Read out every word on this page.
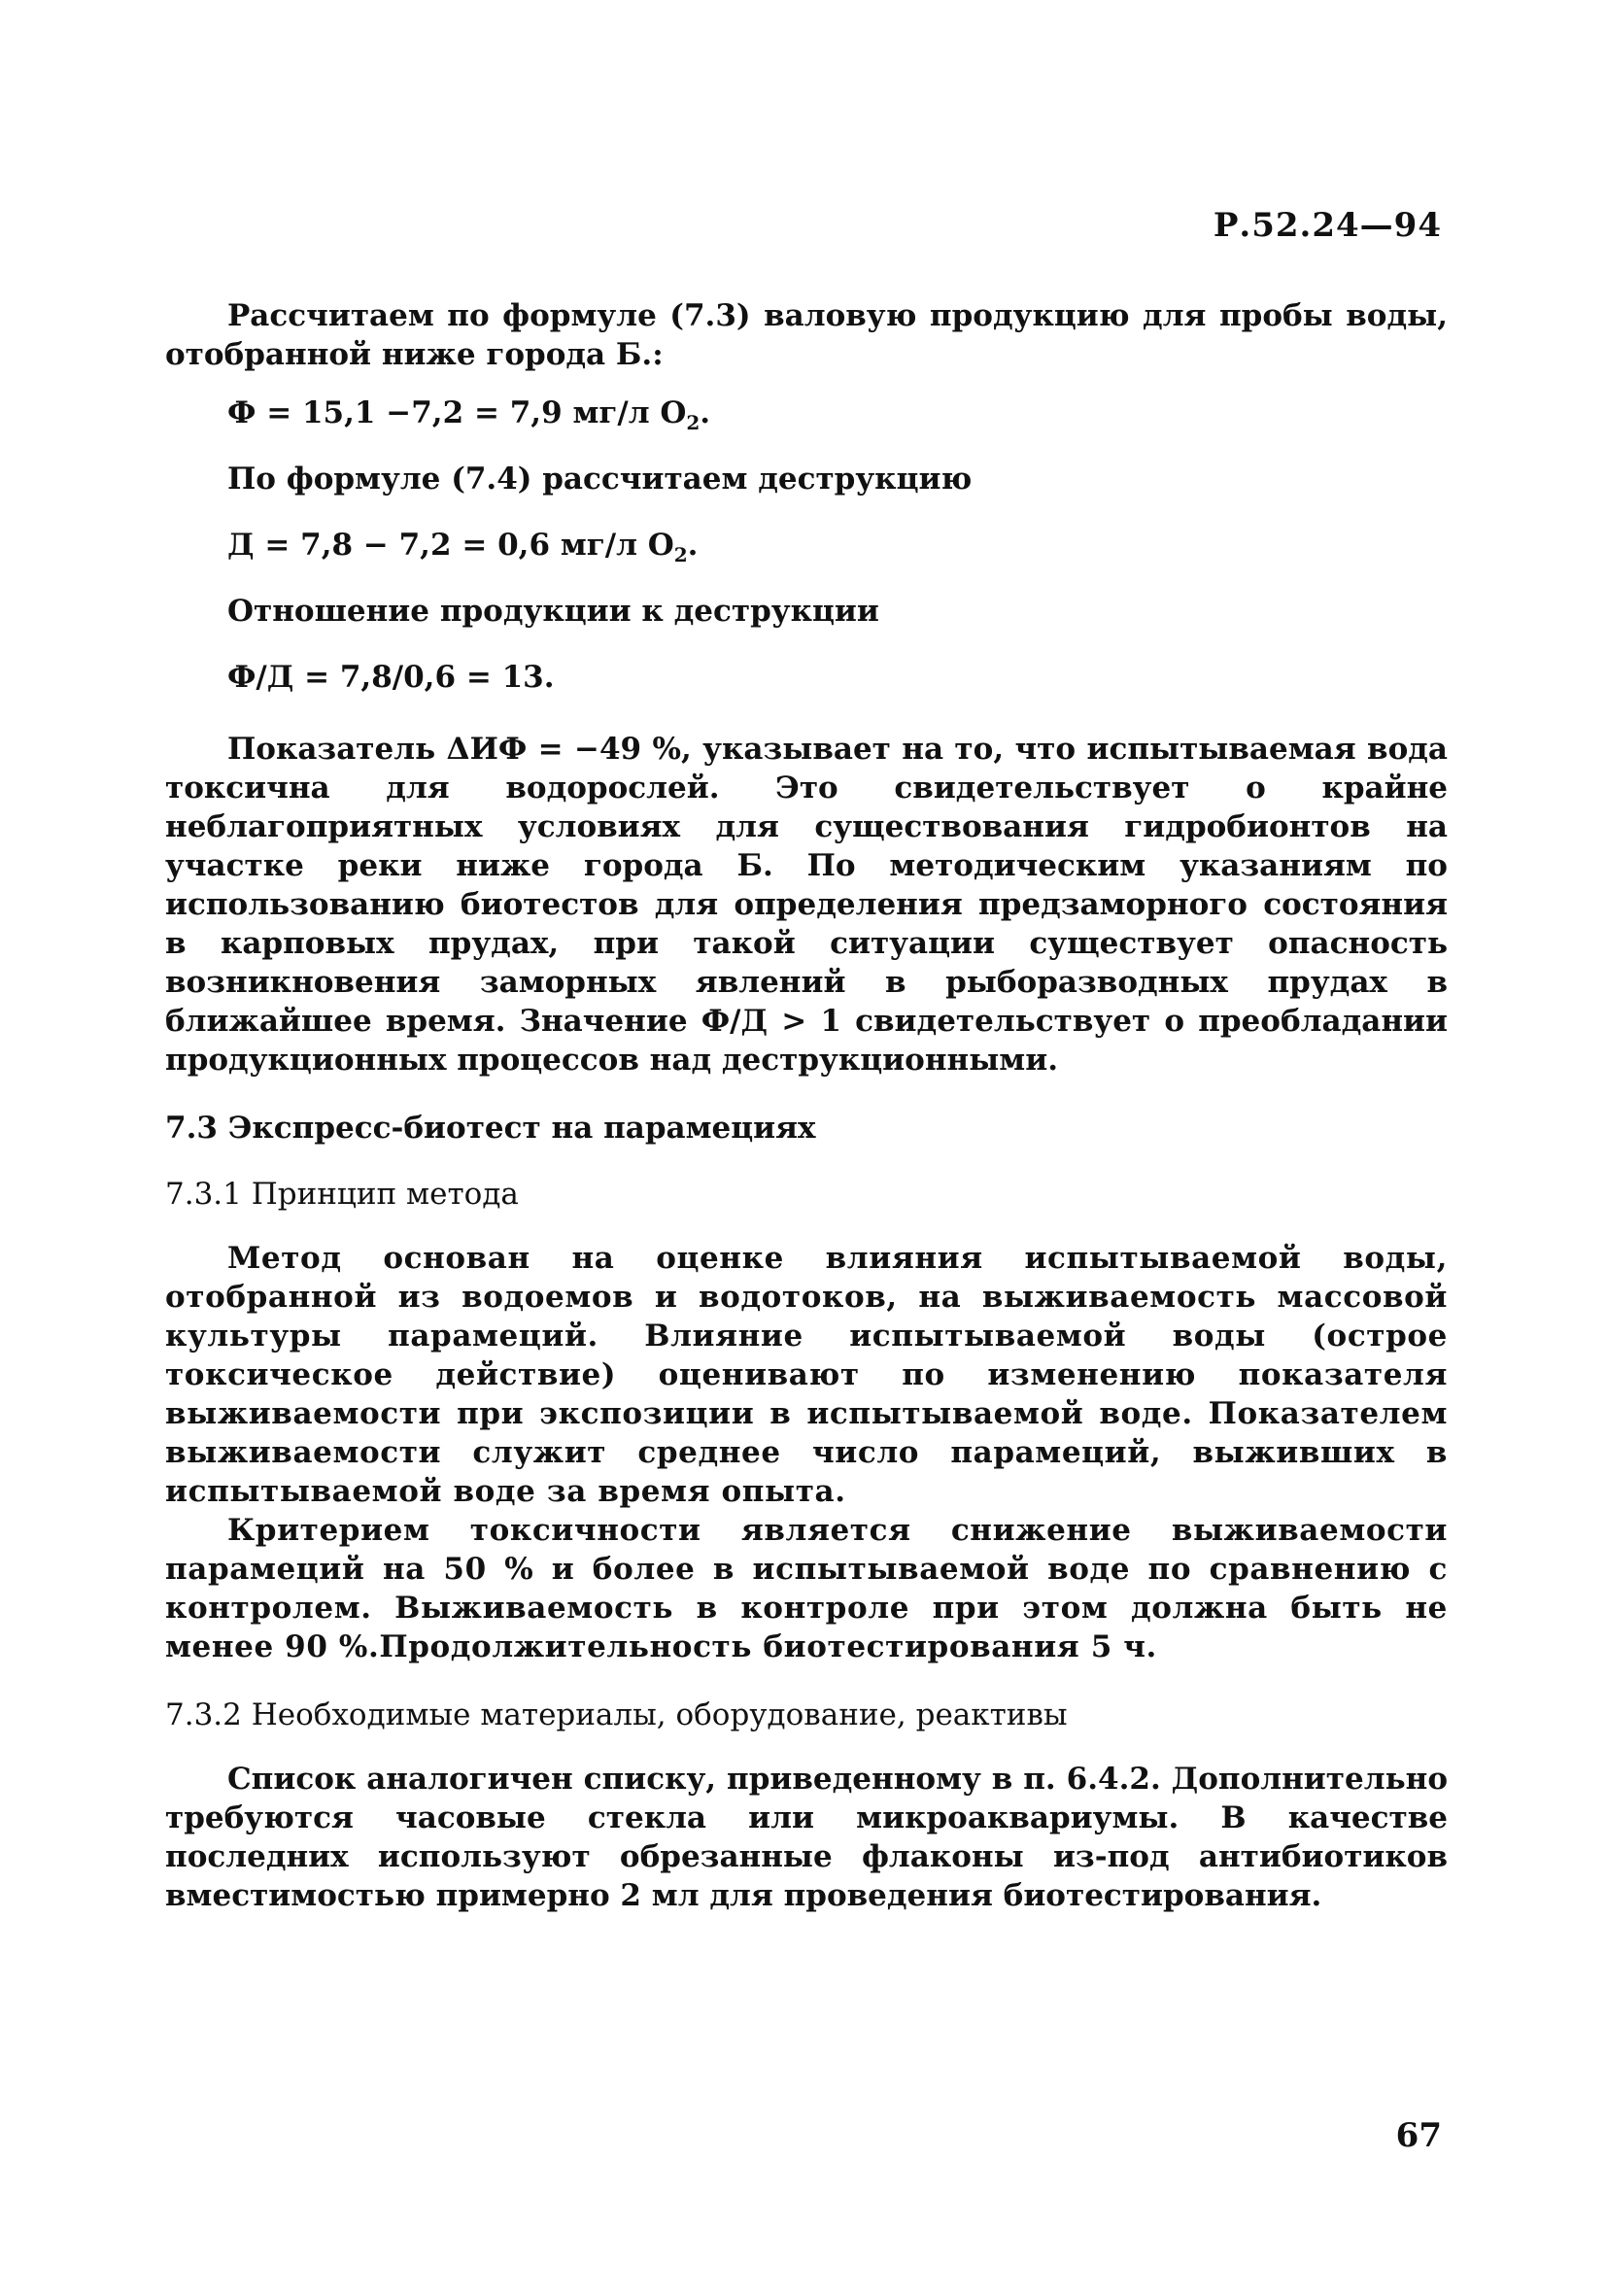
Р.52.24—94

Рассчитаем по формуле (7.3) валовую продукцию для пробы воды, отобранной ниже города Б.:

Ф = 15,1 −7,2 = 7,9 мг/л $О_2$.

По формуле (7.4) рассчитаем деструкцию

Д = 7,8 − 7,2 = 0,6 мг/л $О_2$.

Отношение продукции к деструкции

Ф/Д = 7,8/0,6 = 13.

Показатель ΔИФ = −49 %, указывает на то, что испытываемая вода токсична для водорослей. Это свидетельствует о крайне неблагоприятных условиях для существования гидробионтов на участке реки ниже города Б. По методическим указаниям по использованию биотестов для определения предзаморного состояния в карповых прудах, при такой ситуации существует опасность возникновения заморных явлений в рыборазводных прудах в ближайшее время. Значение Ф/Д > 1 свидетельствует о преобладании продукционных процессов над деструкционными.

7.3 Экспресс-биотест на парамециях

7.3.1 Принцип метода

Метод основан на оценке влияния испытываемой воды, отобранной из водоемов и водотоков, на выживаемость массовой культуры парамеций. Влияние испытываемой воды (острое токсическое действие) оценивают по изменению показателя выживаемости при экспозиции в испытываемой воде. Показателем выживаемости служит среднее число парамеций, выживших в испытываемой воде за время опыта.

Критерием токсичности является снижение выживаемости парамеций на 50 % и более в испытываемой воде по сравнению с контролем. Выживаемость в контроле при этом должна быть не менее 90 %.Продолжительность биотестирования 5 ч.

7.3.2 Необходимые материалы, оборудование, реактивы

Список аналогичен списку, приведенному в п. 6.4.2. Дополнительно требуются часовые стекла или микроаквариумы. В качестве последних используют обрезанные флаконы из-под антибиотиков вместимостью примерно 2 мл для проведения биотестирования.

67
